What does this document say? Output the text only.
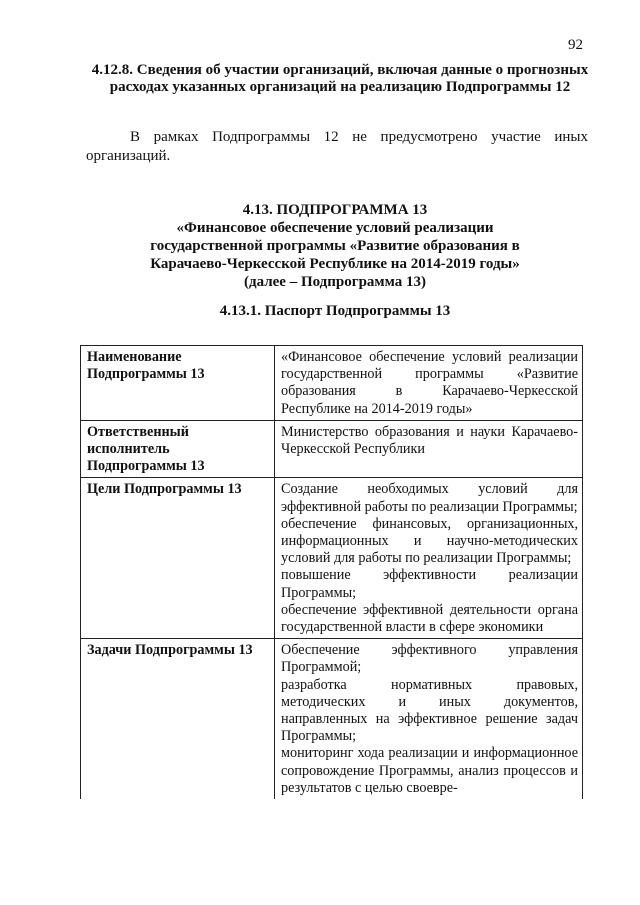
92
4.12.8. Сведения об участии организаций, включая данные о прогнозных расходах указанных организаций на реализацию Подпрограммы 12
В рамках Подпрограммы 12 не предусмотрено участие иных организаций.
4.13. ПОДПРОГРАММА 13
«Финансовое обеспечение условий реализации
государственной программы «Развитие образования в
Карачаево-Черкесской Республике на 2014-2019 годы»
(далее – Подпрограмма 13)
4.13.1. Паспорт Подпрограммы 13
Наименование Подпрограммы 13	«Финансовое обеспечение условий реализации государственной программы «Развитие образования в Карачаево-Черкесской Республике на 2014-2019 годы»

Ответственный исполнитель Подпрограммы 13	Министерство образования и науки Карачаево-Черкесской Республики

Цели Подпрограммы 13	Создание необходимых условий для эффективной работы по реализации Программы;
обеспечение финансовых, организационных, информационных и научно-методических условий для работы по реализации Программы;
повышение эффективности реализации Программы;
обеспечение эффективной деятельности органа государственной власти в сфере экономики

Задачи Подпрограммы 13	Обеспечение эффективного управления Программой;
разработка нормативных правовых, методических и иных документов, направленных на эффективное решение задач Программы;
мониторинг хода реализации и информационное сопровождение Программы, анализ процессов и результатов с целью своевре-
